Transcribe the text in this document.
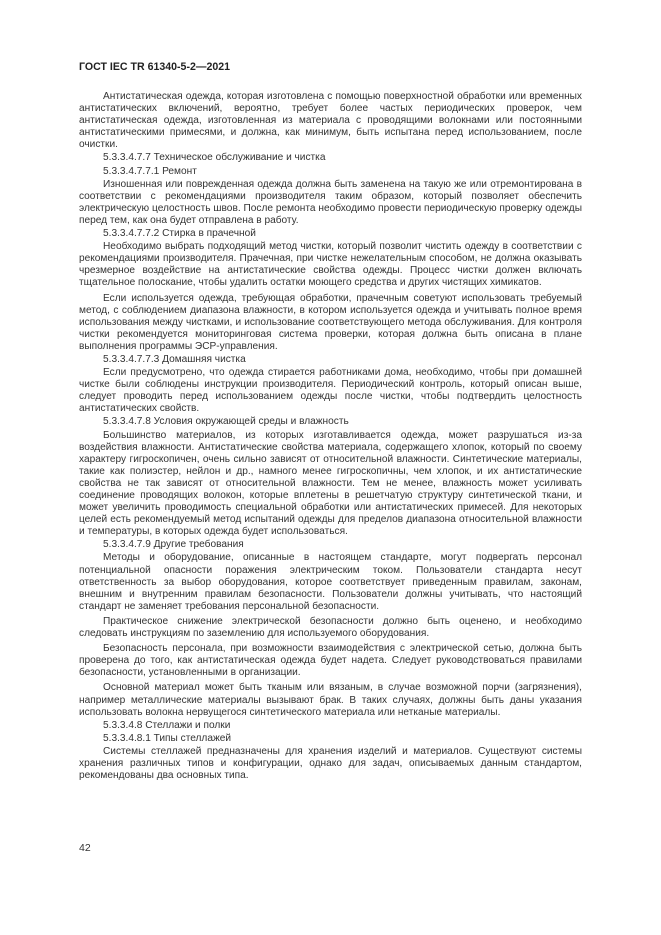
ГОСТ IEC TR 61340-5-2—2021

Антистатическая одежда, которая изготовлена с помощью поверхностной обработки или временных антистатических включений, вероятно, требует более частых периодических проверок, чем антистатическая одежда, изготовленная из материала с проводящими волокнами или постоянными антистатическими примесями, и должна, как минимум, быть испытана перед использованием, после очистки.

5.3.3.4.7.7 Техническое обслуживание и чистка

5.3.3.4.7.7.1 Ремонт

Изношенная или поврежденная одежда должна быть заменена на такую же или отремонтирована в соответствии с рекомендациями производителя таким образом, который позволяет обеспечить электрическую целостность швов. После ремонта необходимо провести периодическую проверку одежды перед тем, как она будет отправлена в работу.

5.3.3.4.7.7.2 Стирка в прачечной

Необходимо выбрать подходящий метод чистки, который позволит чистить одежду в соответствии с рекомендациями производителя. Прачечная, при чистке нежелательным способом, не должна оказывать чрезмерное воздействие на антистатические свойства одежды. Процесс чистки должен включать тщательное полоскание, чтобы удалить остатки моющего средства и других чистящих химикатов.

Если используется одежда, требующая обработки, прачечным советуют использовать требуемый метод, с соблюдением диапазона влажности, в котором используется одежда и учитывать полное время использования между чистками, и использование соответствующего метода обслуживания. Для контроля чистки рекомендуется мониторинговая система проверки, которая должна быть описана в плане выполнения программы ЭСР-управления.

5.3.3.4.7.7.3 Домашняя чистка

Если предусмотрено, что одежда стирается работниками дома, необходимо, чтобы при домашней чистке были соблюдены инструкции производителя. Периодический контроль, который описан выше, следует проводить перед использованием одежды после чистки, чтобы подтвердить целостность антистатических свойств.

5.3.3.4.7.8 Условия окружающей среды и влажность

Большинство материалов, из которых изготавливается одежда, может разрушаться из-за воздействия влажности. Антистатические свойства материала, содержащего хлопок, который по своему характеру гигроскопичен, очень сильно зависят от относительной влажности. Синтетические материалы, такие как полиэстер, нейлон и др., намного менее гигроскопичны, чем хлопок, и их антистатические свойства не так зависят от относительной влажности. Тем не менее, влажность может усиливать соединение проводящих волокон, которые вплетены в решетчатую структуру синтетической ткани, и может увеличить проводимость специальной обработки или антистатических примесей. Для некоторых целей есть рекомендуемый метод испытаний одежды для пределов диапазона относительной влажности и температуры, в которых одежда будет использоваться.

5.3.3.4.7.9 Другие требования

Методы и оборудование, описанные в настоящем стандарте, могут подвергать персонал потенциальной опасности поражения электрическим током. Пользователи стандарта несут ответственность за выбор оборудования, которое соответствует приведенным правилам, законам, внешним и внутренним правилам безопасности. Пользователи должны учитывать, что настоящий стандарт не заменяет требования персональной безопасности.

Практическое снижение электрической безопасности должно быть оценено, и необходимо следовать инструкциям по заземлению для используемого оборудования.

Безопасность персонала, при возможности взаимодействия с электрической сетью, должна быть проверена до того, как антистатическая одежда будет надета. Следует руководствоваться правилами безопасности, установленными в организации.

Основной материал может быть тканым или вязаным, в случае возможной порчи (загрязнения), например металлические материалы вызывают брак. В таких случаях, должны быть даны указания использовать волокна нервущегося синтетического материала или нетканые материалы.

5.3.3.4.8 Стеллажи и полки

5.3.3.4.8.1 Типы стеллажей

Системы стеллажей предназначены для хранения изделий и материалов. Существуют системы хранения различных типов и конфигурации, однако для задач, описываемых данным стандартом, рекомендованы два основных типа.

42
